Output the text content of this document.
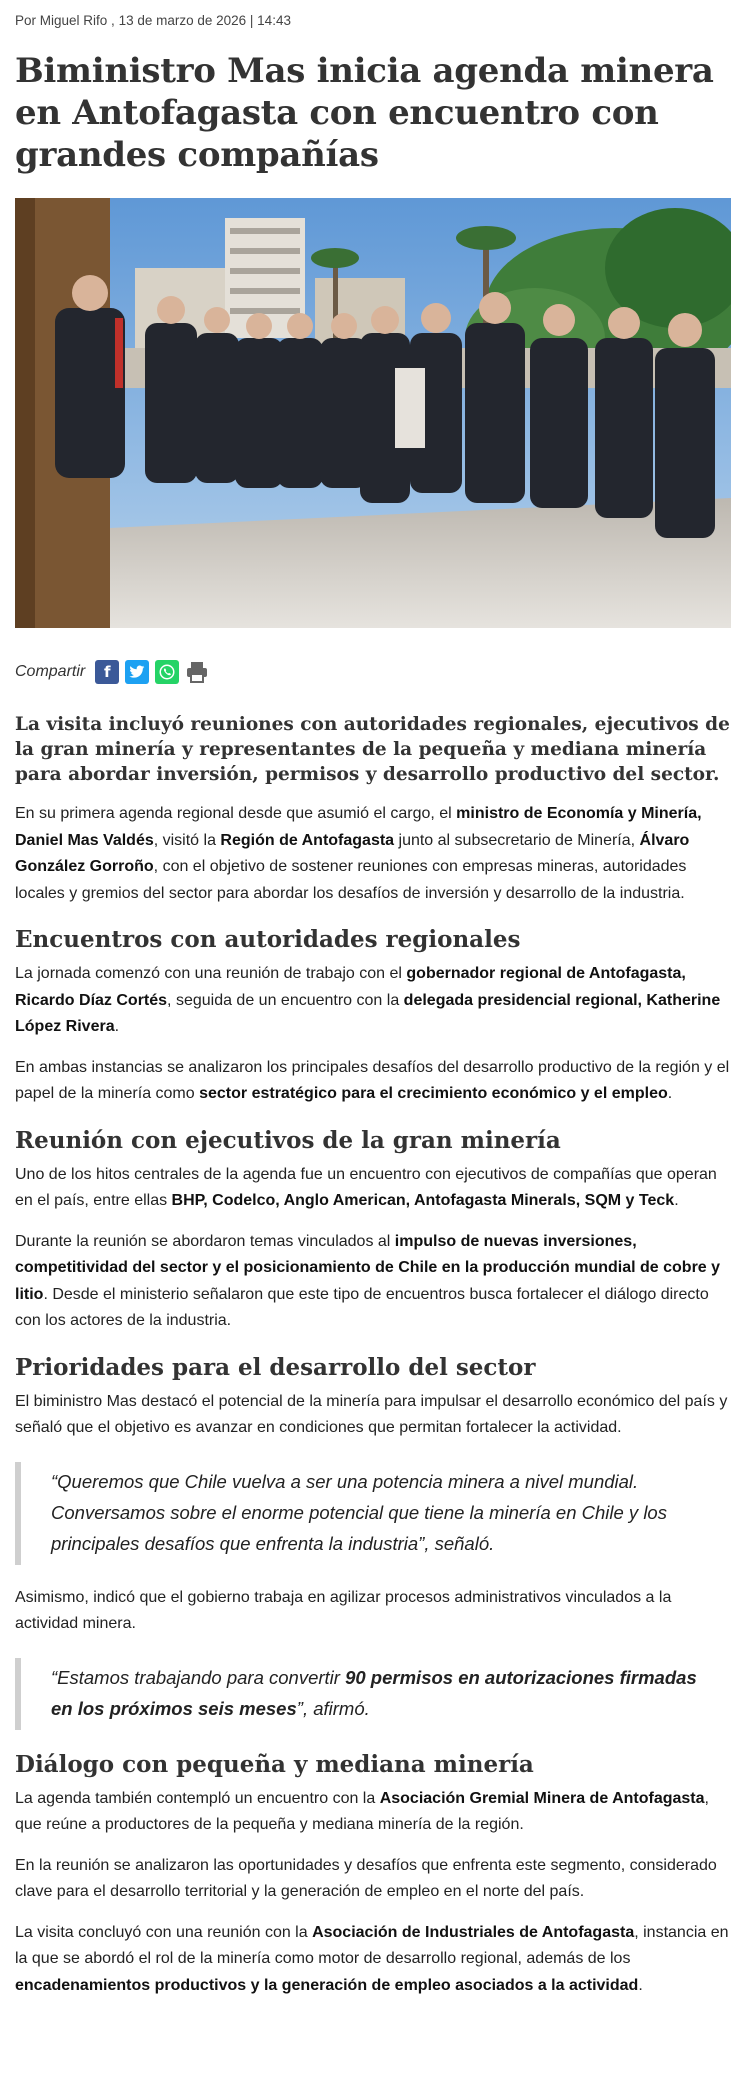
Por Miguel Rifo , 13 de marzo de 2026 | 14:43
Biministro Mas inicia agenda minera en Antofagasta con encuentro con grandes compañías
Compartir	f

La visita incluyó reuniones con autoridades regionales, ejecutivos de la gran minería y representantes de la pequeña y mediana minería para abordar inversión, permisos y desarrollo productivo del sector.

En su primera agenda regional desde que asumió el cargo, el ministro de Economía y Minería, Daniel Mas Valdés, visitó la Región de Antofagasta junto al subsecretario de Minería, Álvaro González Gorroño, con el objetivo de sostener reuniones con empresas mineras, autoridades locales y gremios del sector para abordar los desafíos de inversión y desarrollo de la industria.

Encuentros con autoridades regionales

La jornada comenzó con una reunión de trabajo con el gobernador regional de Antofagasta, Ricardo Díaz Cortés, seguida de un encuentro con la delegada presidencial regional, Katherine López Rivera.

En ambas instancias se analizaron los principales desafíos del desarrollo productivo de la región y el papel de la minería como sector estratégico para el crecimiento económico y el empleo.

Reunión con ejecutivos de la gran minería

Uno de los hitos centrales de la agenda fue un encuentro con ejecutivos de compañías que operan en el país, entre ellas BHP, Codelco, Anglo American, Antofagasta Minerals, SQM y Teck.

Durante la reunión se abordaron temas vinculados al impulso de nuevas inversiones, competitividad del sector y el posicionamiento de Chile en la producción mundial de cobre y litio. Desde el ministerio señalaron que este tipo de encuentros busca fortalecer el diálogo directo con los actores de la industria.

Prioridades para el desarrollo del sector

El biministro Mas destacó el potencial de la minería para impulsar el desarrollo económico del país y señaló que el objetivo es avanzar en condiciones que permitan fortalecer la actividad.

“Queremos que Chile vuelva a ser una potencia minera a nivel mundial. Conversamos sobre el enorme potencial que tiene la minería en Chile y los principales desafíos que enfrenta la industria”, señaló.

Asimismo, indicó que el gobierno trabaja en agilizar procesos administrativos vinculados a la actividad minera.

“Estamos trabajando para convertir 90 permisos en autorizaciones firmadas en los próximos seis meses”, afirmó.
Diálogo con pequeña y mediana minería

La agenda también contempló un encuentro con la Asociación Gremial Minera de Antofagasta, que reúne a productores de la pequeña y mediana minería de la región.

En la reunión se analizaron las oportunidades y desafíos que enfrenta este segmento, considerado clave para el desarrollo territorial y la generación de empleo en el norte del país.

La visita concluyó con una reunión con la Asociación de Industriales de Antofagasta, instancia en la que se abordó el rol de la minería como motor de desarrollo regional, además de los encadenamientos productivos y la generación de empleo asociados a la actividad.
